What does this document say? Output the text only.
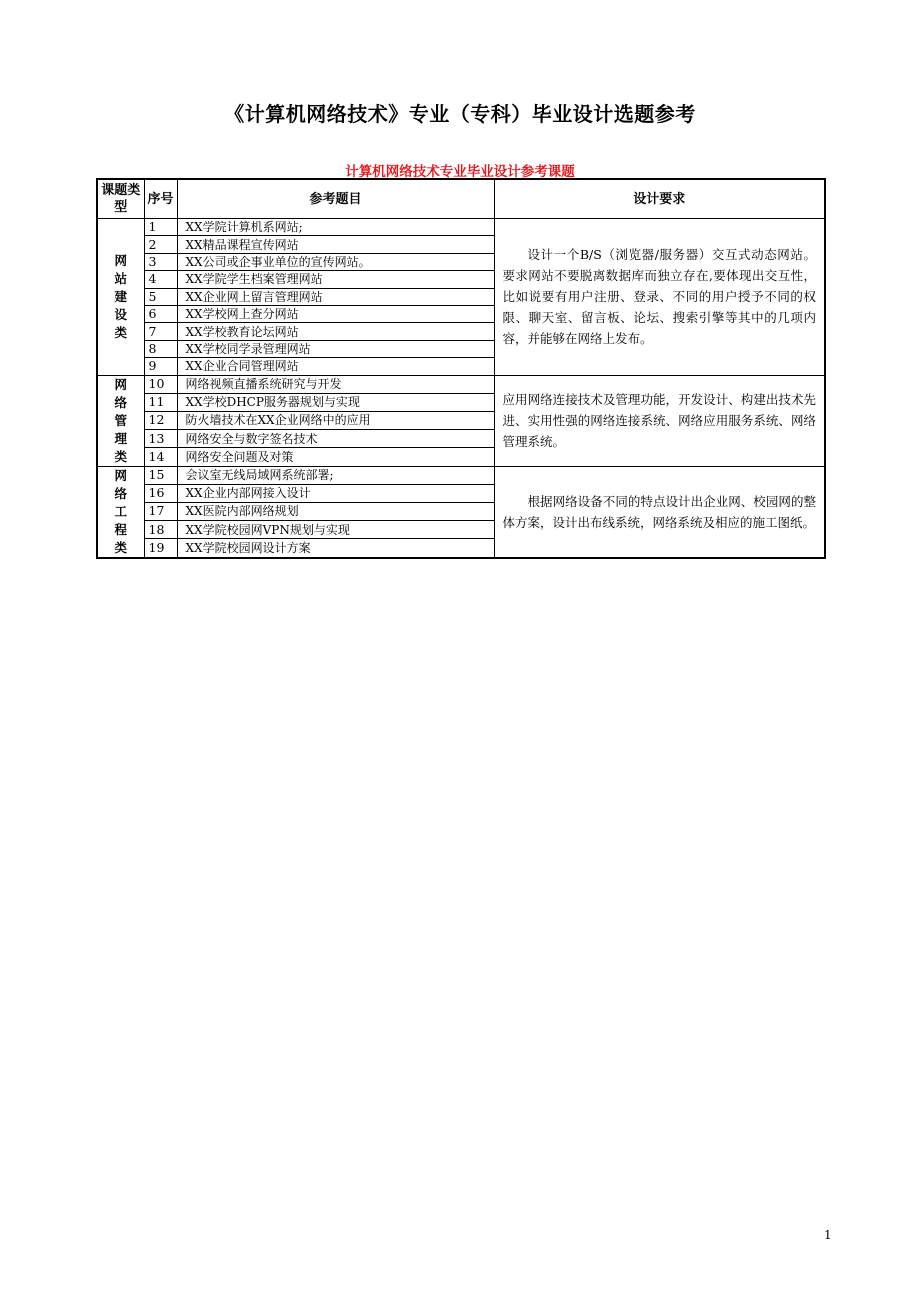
《计算机网络技术》专业（专科）毕业设计选题参考
计算机网络技术专业毕业设计参考课题
课题类型	序号	参考题目	设计要求

网站建设类	1	XX学院计算机系网站;	设计一个B/S（浏览器/服务器）交互式动态网站。要求网站不要脱离数据库而独立存在,要体现出交互性，比如说要有用户注册、登录、不同的用户授予不同的权限、聊天室、留言板、论坛、搜索引擎等其中的几项内容，并能够在网络上发布。

	2	XX精品课程宣传网站	
	3	XX公司或企事业单位的宣传网站。	
	4	XX学院学生档案管理网站	
	5	XX企业网上留言管理网站	
	6	XX学校网上查分网站	
	7	XX学校教育论坛网站	
	8	XX学校同学录管理网站	
	9	XX企业合同管理网站	

网络管理类	10	网络视频直播系统研究与开发	应用网络连接技术及管理功能，开发设计、构建出技术先进、实用性强的网络连接系统、网络应用服务系统、网络管理系统。

	11	XX学校DHCP服务器规划与实现	
	12	防火墙技术在XX企业网络中的应用	
	13	网络安全与数字签名技术	
	14	网络安全问题及对策	

网络工程类	15	会议室无线局域网系统部署;	根据网络设备不同的特点设计出企业网、校园网的整体方案，设计出布线系统，网络系统及相应的施工图纸。

	16	XX企业内部网接入设计	
	17	XX医院内部网络规划	
	18	XX学院校园网VPN规划与实现	
	19	XX学院校园网设计方案	
1
